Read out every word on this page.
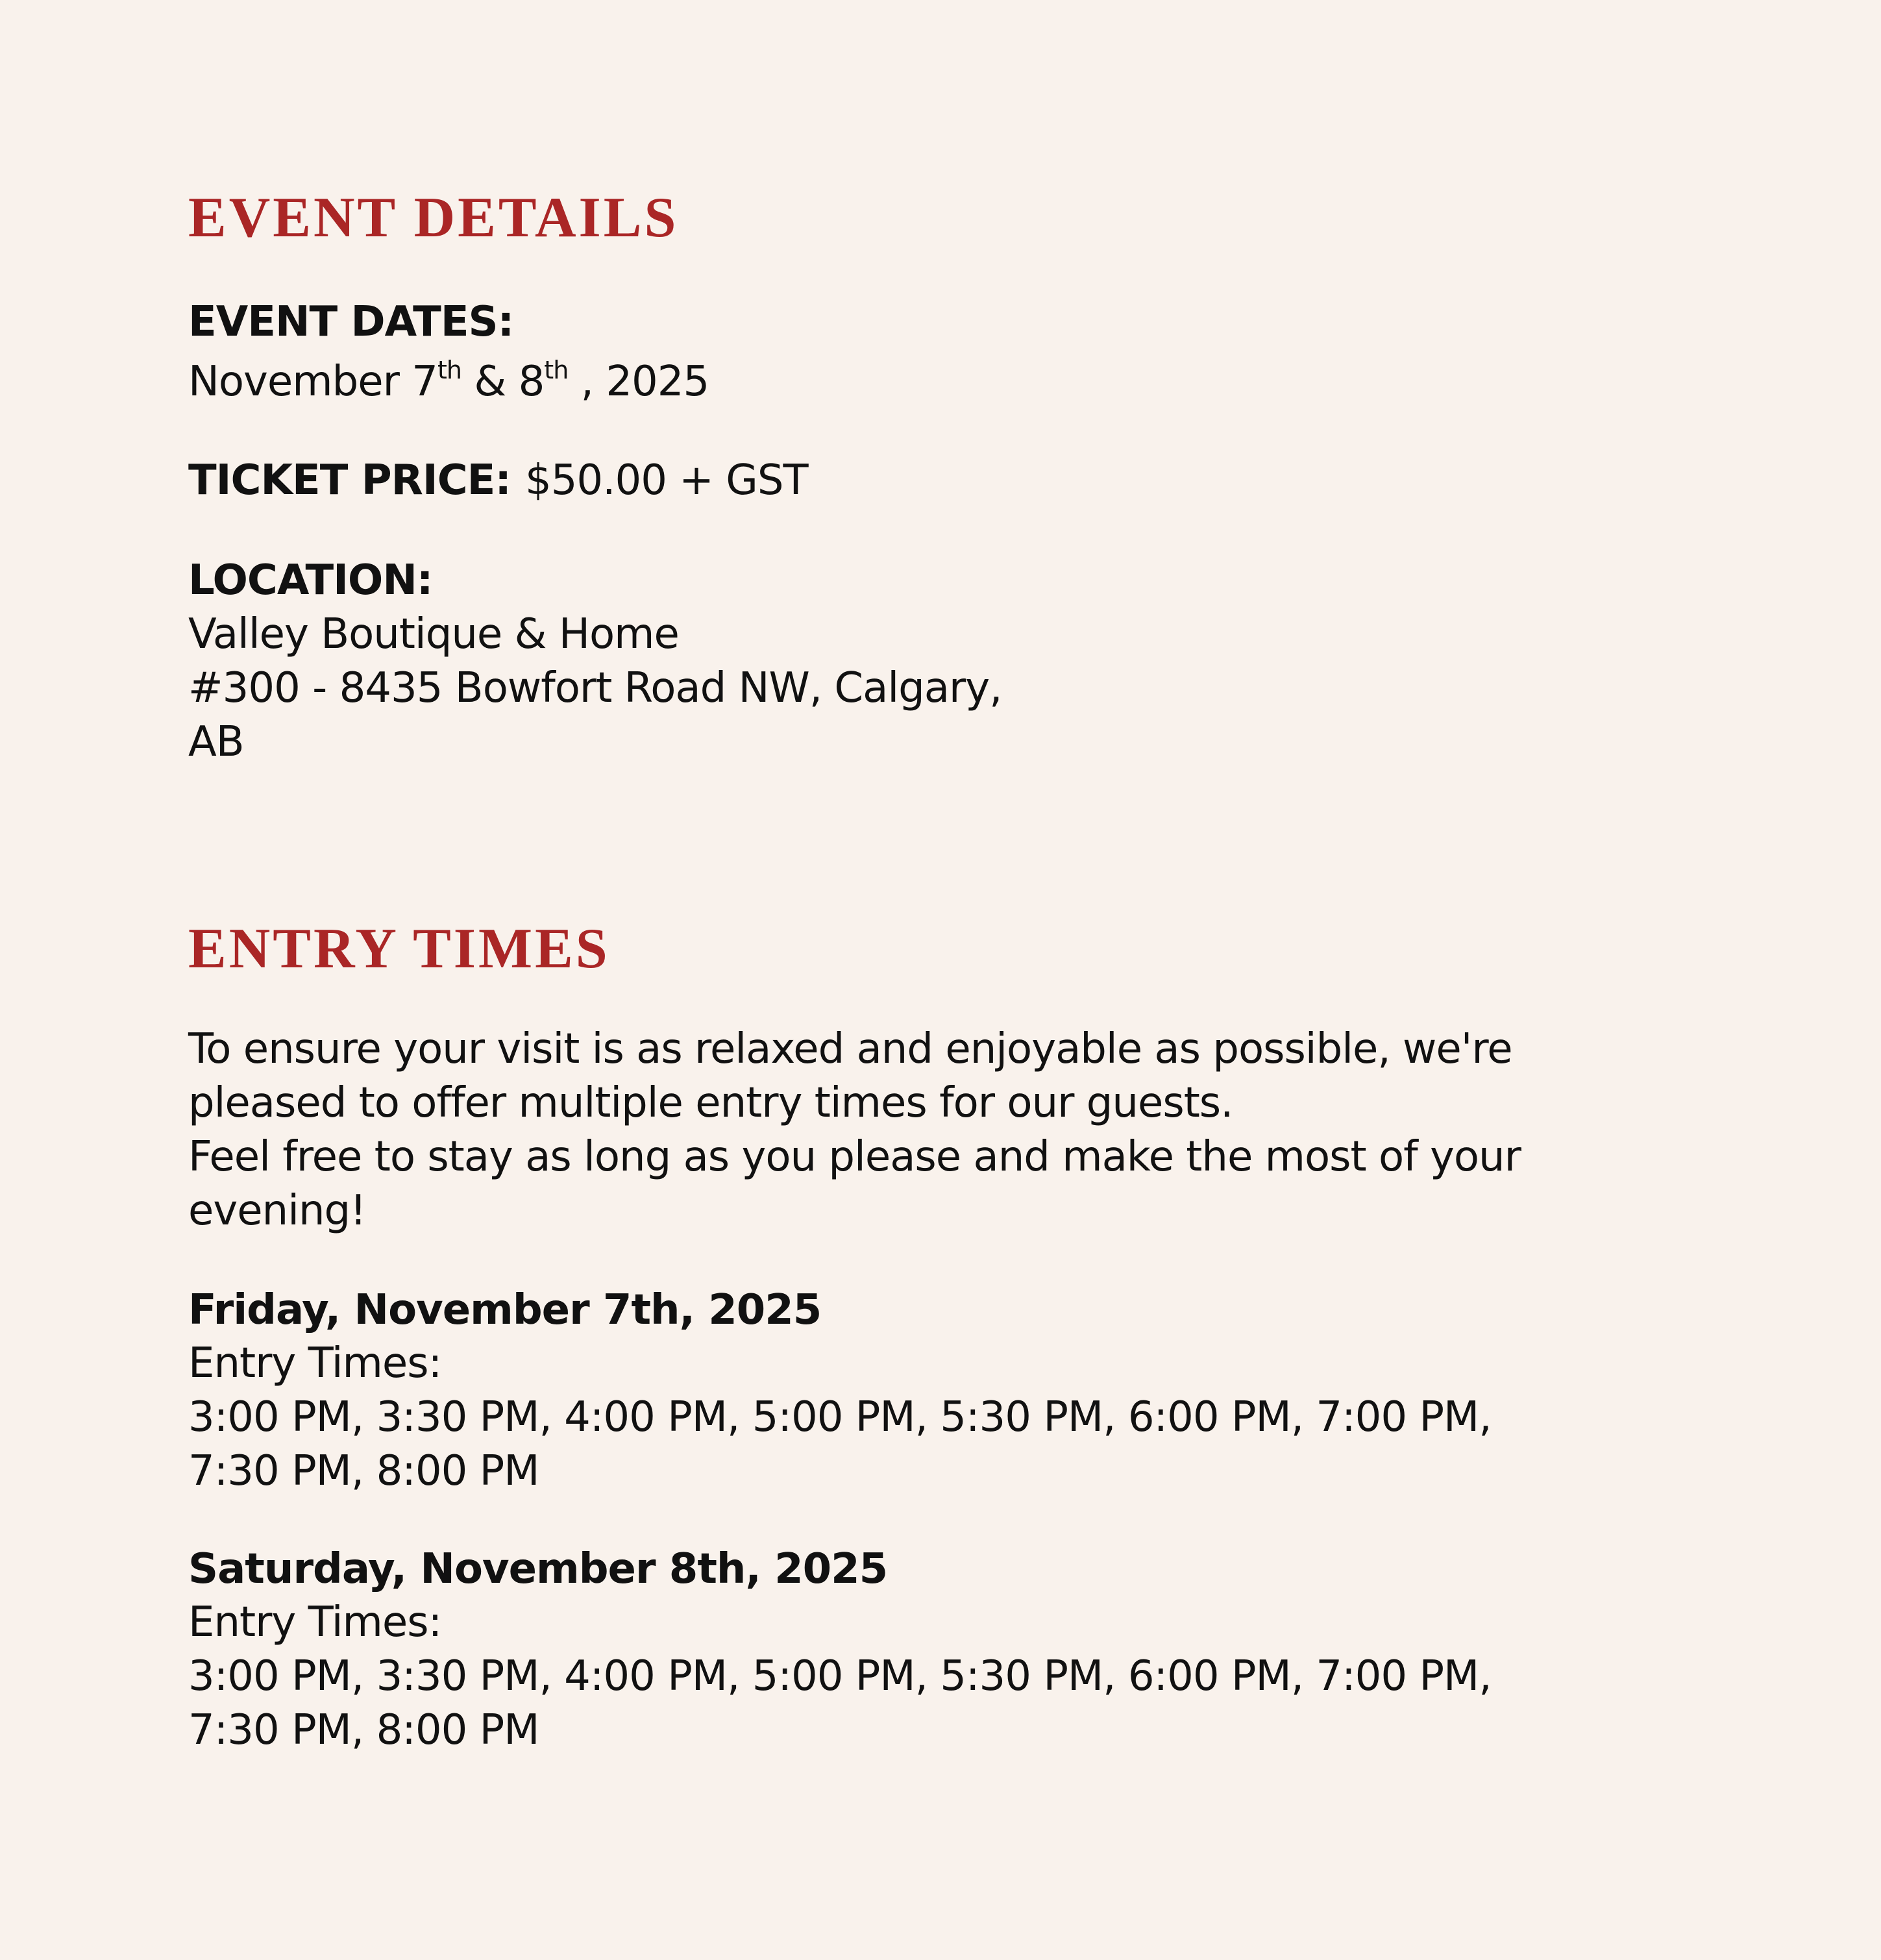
EVENT DETAILS
EVENT DATES:
November 7th & 8th , 2025
TICKET PRICE: $50.00 + GST
LOCATION:
Valley Boutique & Home
#300 - 8435 Bowfort Road NW, Calgary,
AB
ENTRY TIMES
To ensure your visit is as relaxed and enjoyable as possible, we're
pleased to offer multiple entry times for our guests.
Feel free to stay as long as you please and make the most of your
evening!
Friday, November 7th, 2025
Entry Times:
3:00 PM, 3:30 PM, 4:00 PM, 5:00 PM, 5:30 PM, 6:00 PM, 7:00 PM,
7:30 PM, 8:00 PM
Saturday, November 8th, 2025
Entry Times:
3:00 PM, 3:30 PM, 4:00 PM, 5:00 PM, 5:30 PM, 6:00 PM, 7:00 PM,
7:30 PM, 8:00 PM
